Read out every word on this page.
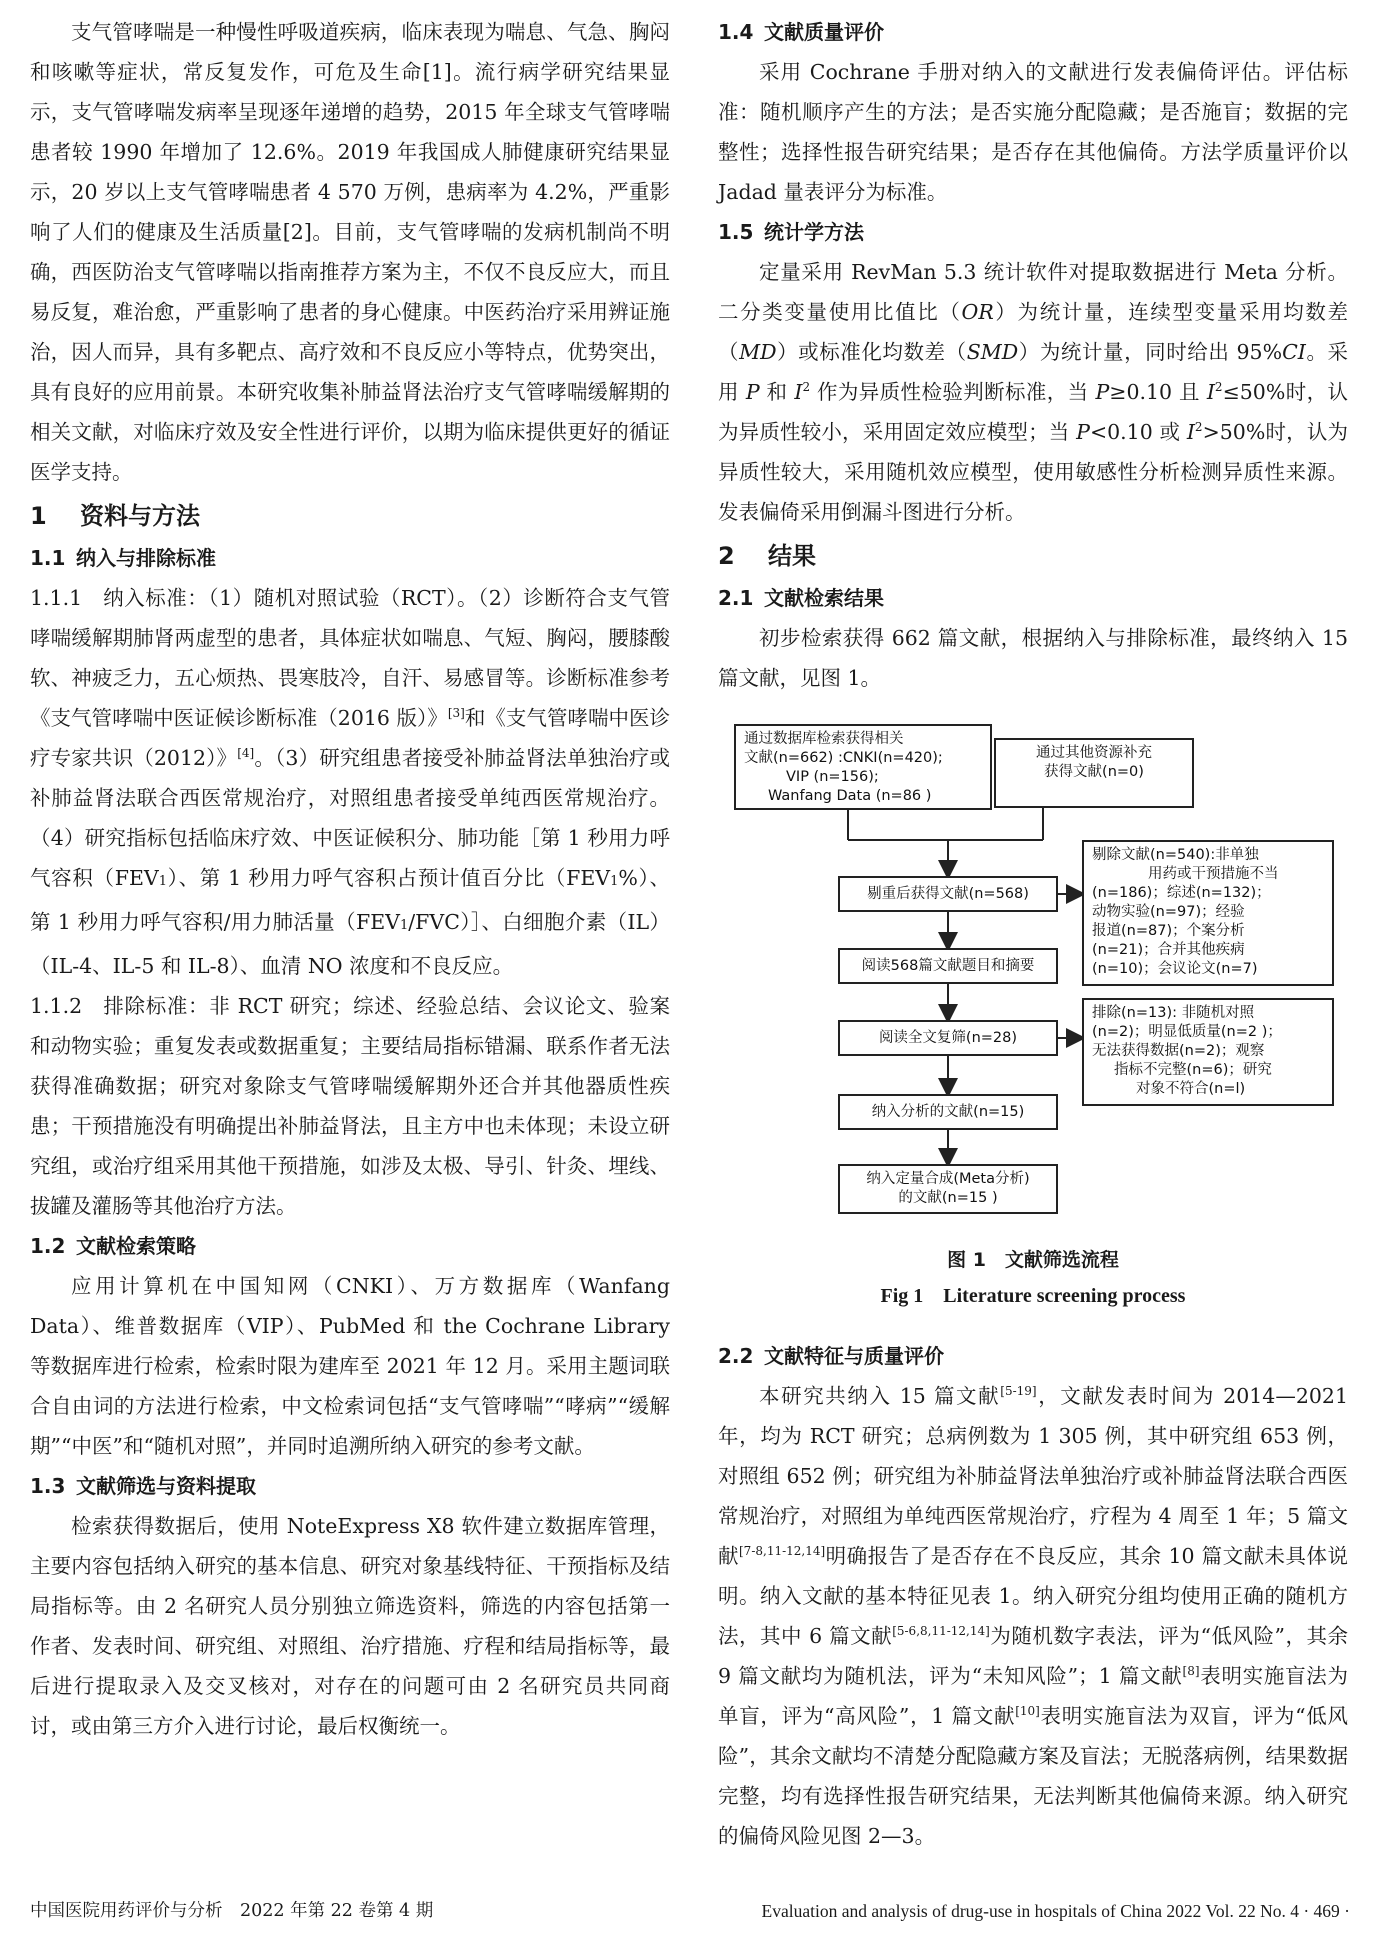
支气管哮喘是一种慢性呼吸道疾病，临床表现为喘息、气急、胸闷和咳嗽等症状，常反复发作，可危及生命[1]。流行病学研究结果显示，支气管哮喘发病率呈现逐年递增的趋势，2015 年全球支气管哮喘患者较 1990 年增加了 12.6%。2019 年我国成人肺健康研究结果显示，20 岁以上支气管哮喘患者 4 570 万例，患病率为 4.2%，严重影响了人们的健康及生活质量[2]。目前，支气管哮喘的发病机制尚不明确，西医防治支气管哮喘以指南推荐方案为主，不仅不良反应大，而且易反复，难治愈，严重影响了患者的身心健康。中医药治疗采用辨证施治，因人而异，具有多靶点、高疗效和不良反应小等特点，优势突出，具有良好的应用前景。本研究收集补肺益肾法治疗支气管哮喘缓解期的相关文献，对临床疗效及安全性进行评价，以期为临床提供更好的循证医学支持。

1 资料与方法
1.1 纳入与排除标准

1.1.1  纳入标准：（1）随机对照试验（RCT）。（2）诊断符合支气管哮喘缓解期肺肾两虚型的患者，具体症状如喘息、气短、胸闷，腰膝酸软、神疲乏力，五心烦热、畏寒肢冷，自汗、易感冒等。诊断标准参考《支气管哮喘中医证候诊断标准（2016 版）》[3]和《支气管哮喘中医诊疗专家共识（2012）》[4]。（3）研究组患者接受补肺益肾法单独治疗或补肺益肾法联合西医常规治疗，对照组患者接受单纯西医常规治疗。（4）研究指标包括临床疗效、中医证候积分、肺功能［第 1 秒用力呼气容积（FEV1）、第 1 秒用力呼气容积占预计值百分比（FEV1%）、第 1 秒用力呼气容积/用力肺活量（FEV1/FVC）］、白细胞介素（IL）（IL-4、IL-5 和 IL-8）、血清 NO 浓度和不良反应。

1.1.2  排除标准：非 RCT 研究；综述、经验总结、会议论文、验案和动物实验；重复发表或数据重复；主要结局指标错漏、联系作者无法获得准确数据；研究对象除支气管哮喘缓解期外还合并其他器质性疾患；干预措施没有明确提出补肺益肾法，且主方中也未体现；未设立研究组，或治疗组采用其他干预措施，如涉及太极、导引、针灸、埋线、拔罐及灌肠等其他治疗方法。

1.2 文献检索策略

应用计算机在中国知网（CNKI）、万方数据库（Wanfang Data）、维普数据库（VIP）、PubMed 和 the Cochrane Library 等数据库进行检索，检索时限为建库至 2021 年 12 月。采用主题词联合自由词的方法进行检索，中文检索词包括“支气管哮喘”“哮病”“缓解期”“中医”和“随机对照”，并同时追溯所纳入研究的参考文献。

1.3 文献筛选与资料提取

检索获得数据后，使用 NoteExpress X8 软件建立数据库管理，主要内容包括纳入研究的基本信息、研究对象基线特征、干预指标及结局指标等。由 2 名研究人员分别独立筛选资料，筛选的内容包括第一作者、发表时间、研究组、对照组、治疗措施、疗程和结局指标等，最后进行提取录入及交叉核对，对存在的问题可由 2 名研究员共同商讨，或由第三方介入进行讨论，最后权衡统一。

1.4 文献质量评价

采用 Cochrane 手册对纳入的文献进行发表偏倚评估。评估标准：随机顺序产生的方法；是否实施分配隐藏；是否施盲；数据的完整性；选择性报告研究结果；是否存在其他偏倚。方法学质量评价以 Jadad 量表评分为标准。

1.5 统计学方法

定量采用 RevMan 5.3 统计软件对提取数据进行 Meta 分析。二分类变量使用比值比（OR）为统计量，连续型变量采用均数差（MD）或标准化均数差（SMD）为统计量，同时给出 95%CI。采用 P 和 $I^2$ 作为异质性检验判断标准，当 P≥0.10 且 $I^2\le 50\%$时，认为异质性较小，采用固定效应模型；当 P<0.10 或 $I^2>50\%$时，认为异质性较大，采用随机效应模型，使用敏感性分析检测异质性来源。发表偏倚采用倒漏斗图进行分析。

2 结果
2.1 文献检索结果

初步检索获得 662 篇文献，根据纳入与排除标准，最终纳入 15 篇文献，见图 1。

通过数据库检索获得相关
文献(n=662) :CNKI(n=420);
VIP (n=156);
Wanfang Data (n=86 )
通过其他资源补充
获得文献(n=0)
剔重后获得文献(n=568)
剔除文献(n=540):非单独
用药或干预措施不当
(n=186)；综述(n=132)；
动物实验(n=97)；经验
报道(n=87)；个案分析
(n=21)；合并其他疾病
(n=10)；会议论文(n=7)
阅读568篇文献题目和摘要
阅读全文复筛(n=28)
排除(n=13): 非随机对照
(n=2)；明显低质量(n=2 )；
无法获得数据(n=2)；观察
指标不完整(n=6)；研究
对象不符合(n=l)
纳入分析的文献(n=15)
纳入定量合成(Meta分析)
的文献(n=15 )
图 1　文献筛选流程
Fig 1　Literature screening process
2.2 文献特征与质量评价

本研究共纳入 15 篇文献[5-19]，文献发表时间为 2014—2021 年，均为 RCT 研究；总病例数为 1 305 例，其中研究组 653 例，对照组 652 例；研究组为补肺益肾法单独治疗或补肺益肾法联合西医常规治疗，对照组为单纯西医常规治疗，疗程为 4 周至 1 年；5 篇文献[7-8,11-12,14]明确报告了是否存在不良反应，其余 10 篇文献未具体说明。纳入文献的基本特征见表 1。纳入研究分组均使用正确的随机方法，其中 6 篇文献[5-6,8,11-12,14]为随机数字表法，评为“低风险”，其余 9 篇文献均为随机法，评为“未知风险”；1 篇文献[8]表明实施盲法为单盲，评为“高风险”，1 篇文献[10]表明实施盲法为双盲，评为“低风险”，其余文献均不清楚分配隐藏方案及盲法；无脱落病例，结果数据完整，均有选择性报告研究结果，无法判断其他偏倚来源。纳入研究的偏倚风险见图 2—3。

中国医院用药评价与分析　2022 年第 22 卷第 4 期	Evaluation and analysis of drug-use in hospitals of China 2022 Vol. 22 No. 4 · 469 ·
